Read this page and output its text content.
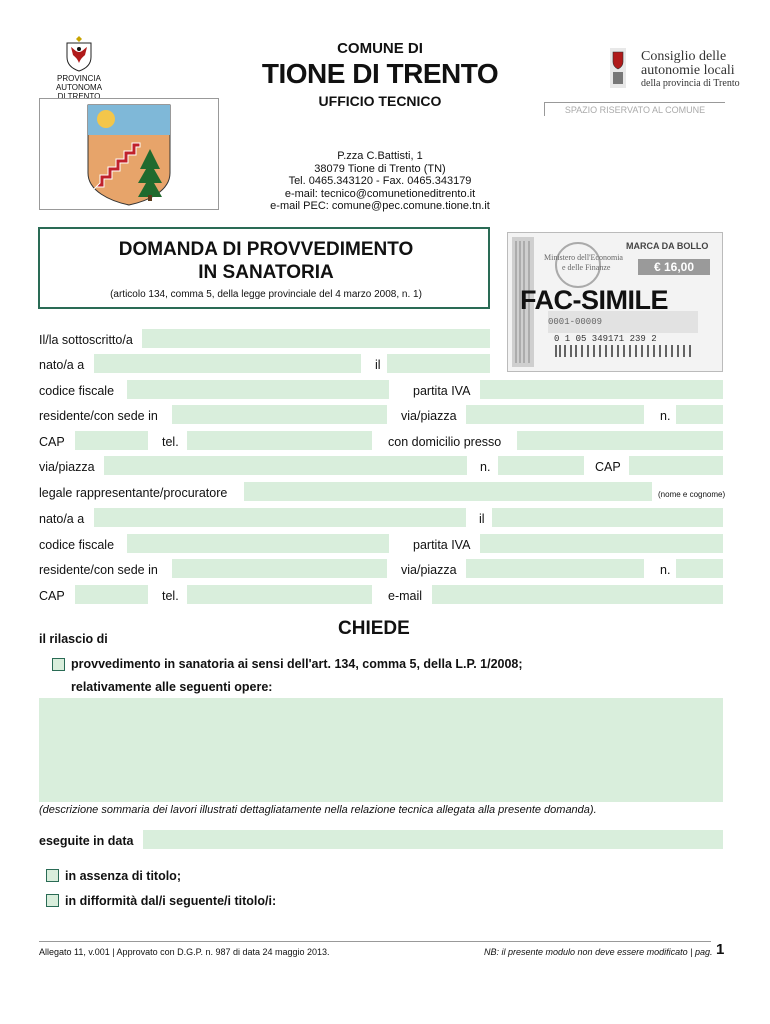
PROVINCIA AUTONOMA
DI TRENTO
COMUNE DI
TIONE DI TRENTO
UFFICIO TECNICO
Consiglio delle
autonomie locali
della provincia di Trento
SPAZIO RISERVATO AL COMUNE
P.zza C.Battisti, 1
38079 Tione di Trento (TN)
Tel. 0465.343120 - Fax. 0465.343179
e-mail: tecnico@comunetioneditrento.it
e-mail PEC: comune@pec.comune.tione.tn.it
DOMANDA DI PROVVEDIMENTO
IN SANATORIA
(articolo 134, comma 5, della legge provinciale del 4 marzo 2008, n. 1)
MARCA DA BOLLO
Ministero dell'Economia
e delle Finanze	€ 16,00
FAC-SIMILE
0001-00009
0 1 05 349171 239 2
Il/la sottoscritto/a
nato/a a	il
codice fiscale	partita IVA
residente/con sede in	via/piazza	n.
CAP	tel.	con domicilio presso
via/piazza	n.	CAP
legale rappresentante/procuratore	(nome e cognome)
nato/a a	il
codice fiscale	partita IVA
residente/con sede in	via/piazza	n.
CAP	tel.	e-mail
CHIEDE
il rilascio di
provvedimento in sanatoria ai sensi dell'art. 134, comma 5, della L.P. 1/2008;
relativamente alle seguenti opere:
(descrizione sommaria dei lavori illustrati dettagliatamente nella relazione tecnica allegata alla presente domanda).
eseguite in data
in assenza di titolo;
in difformità dal/i seguente/i titolo/i:
Allegato 11, v.001 | Approvato con D.G.P. n. 987 di data 24 maggio 2013.	NB: il presente modulo non deve essere modificato | pag. 1
